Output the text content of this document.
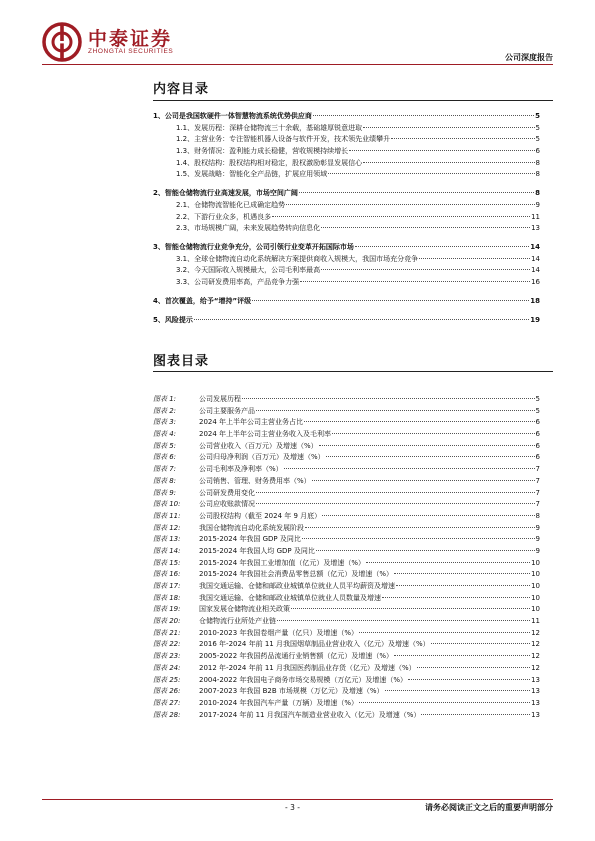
中泰证券
ZHONGTAI SECURITIES
公司深度报告
内容目录
1、公司是我国软硬件一体智慧物流系统优势供应商	5
1.1、发展历程：深耕仓储物流三十余载，基础雄厚锐意进取	5
1.2、主营业务：专注智能机器人设备与软件开发，技术领先业绩攀升	5
1.3、财务情况：盈利能力成长稳健，营收规模持续增长	6
1.4、股权结构：股权结构相对稳定，股权激励彰显发展信心	8
1.5、发展战略：智能化全产品链，扩展应用领域	8
2、智能仓储物流行业高速发展，市场空间广阔	8
2.1、仓储物流智能化已成确定趋势	9
2.2、下游行业众多，机遇良多	11
2.3、市场规模广阔，未来发展趋势转向信息化	13
3、智能仓储物流行业竞争充分，公司引领行业变革开拓国际市场	14
3.1、全球仓储物流自动化系统解决方案提供商收入规模大，我国市场充分竞争	14
3.2、今天国际收入规模最大，公司毛利率最高	14
3.3、公司研发费用率高，产品竞争力强	16
4、首次覆盖，给予“增持”评级	18
5、风险提示	19
图表目录
图表 1:	公司发展历程	5
图表 2:	公司主要服务产品	5
图表 3:	2024 年上半年公司主营业务占比	6
图表 4:	2024 年上半年公司主营业务收入及毛利率	6
图表 5:	公司营业收入（百万元）及增速（%）	6
图表 6:	公司归母净利润（百万元）及增速（%）	6
图表 7:	公司毛利率及净利率（%）	7
图表 8:	公司销售、管理、财务费用率（%）	7
图表 9:	公司研发费用变化	7
图表 10:	公司应收账款情况	7
图表 11:	公司股权结构（截至 2024 年 9 月底）	8
图表 12:	我国仓储物流自动化系统发展阶段	9
图表 13:	2015-2024 年我国 GDP 及同比	9
图表 14:	2015-2024 年我国人均 GDP 及同比	9
图表 15:	2015-2024 年我国工业增加值（亿元）及增速（%）	10
图表 16:	2015-2024 年我国社会消费品零售总额（亿元）及增速（%）	10
图表 17:	我国交通运输、仓储和邮政业城镇单位就业人员平均薪资及增速	10
图表 18:	我国交通运输、仓储和邮政业城镇单位就业人员数量及增速	10
图表 19:	国家发展仓储物流业相关政策	10
图表 20:	仓储物流行业所处产业链	11
图表 21:	2010-2023 年我国卷烟产量（亿只）及增速（%）	12
图表 22:	2016 年-2024 年前 11 月我国烟草制品业营业收入（亿元）及增速（%）	12
图表 23:	2005-2022 年我国药品流通行业销售额（亿元）及增速（%）	12
图表 24:	2012 年-2024 年前 11 月我国医药制品业存货（亿元）及增速（%）	12
图表 25:	2004-2022 年我国电子商务市场交易规模（万亿元）及增速（%）	13
图表 26:	2007-2023 年我国 B2B 市场规模（万亿元）及增速（%）	13
图表 27:	2010-2024 年我国汽车产量（万辆）及增速（%）	13
图表 28:	2017-2024 年前 11 月我国汽车制造业营业收入（亿元）及增速（%）	13
- 3 -	请务必阅读正文之后的重要声明部分
